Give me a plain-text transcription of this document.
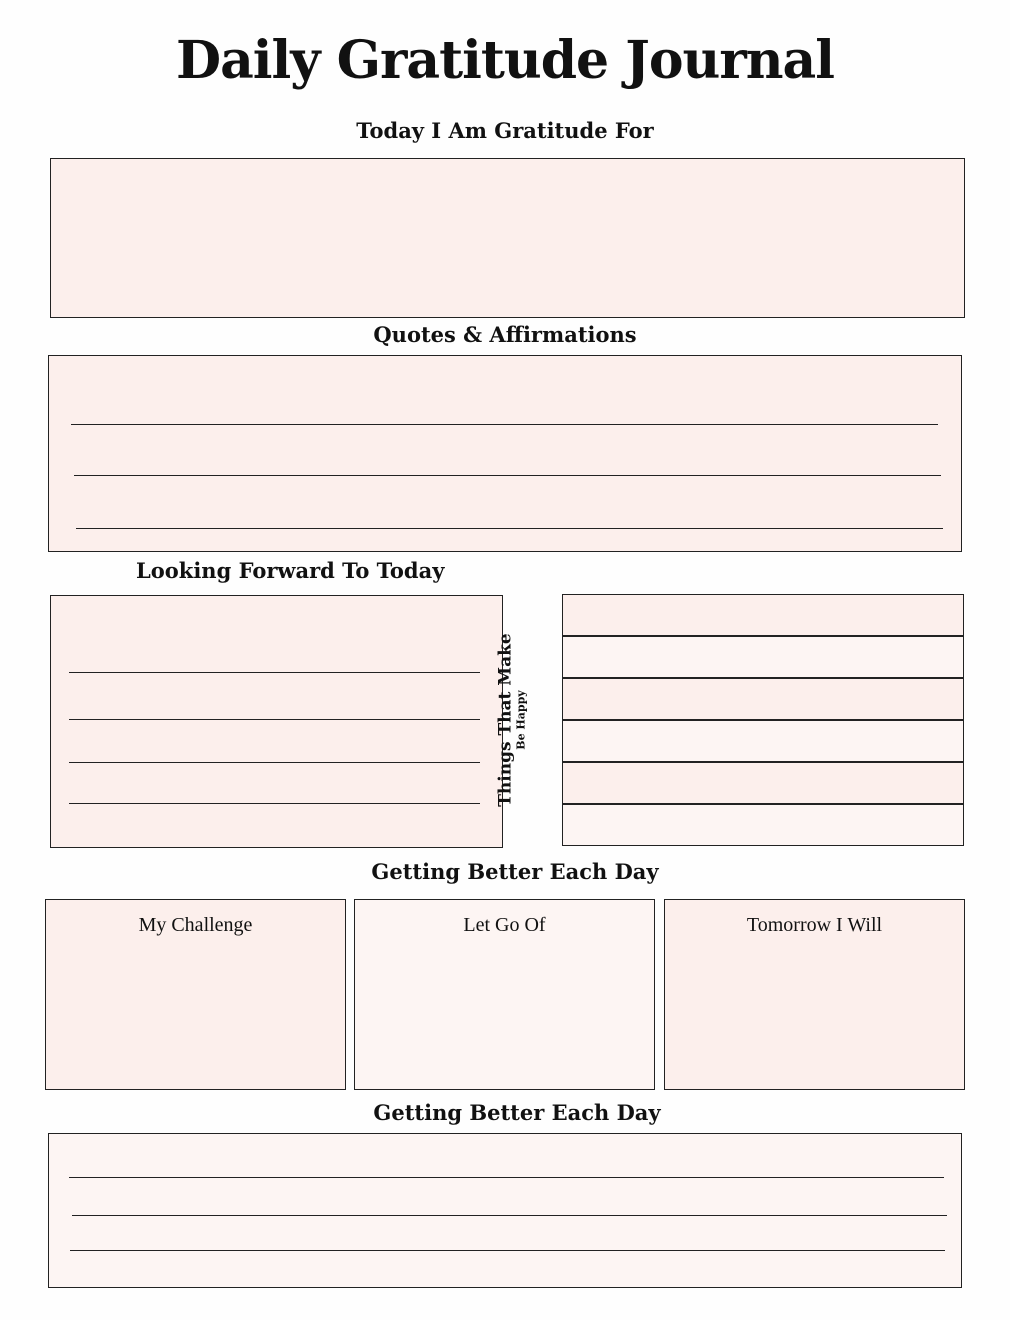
Daily Gratitude Journal
Today I Am Gratitude For
Quotes & Affirmations
Looking Forward To Today
Things That Make Be Happy
Getting Better Each Day
My Challenge	Let Go Of	Tomorrow I Will
Getting Better Each Day
